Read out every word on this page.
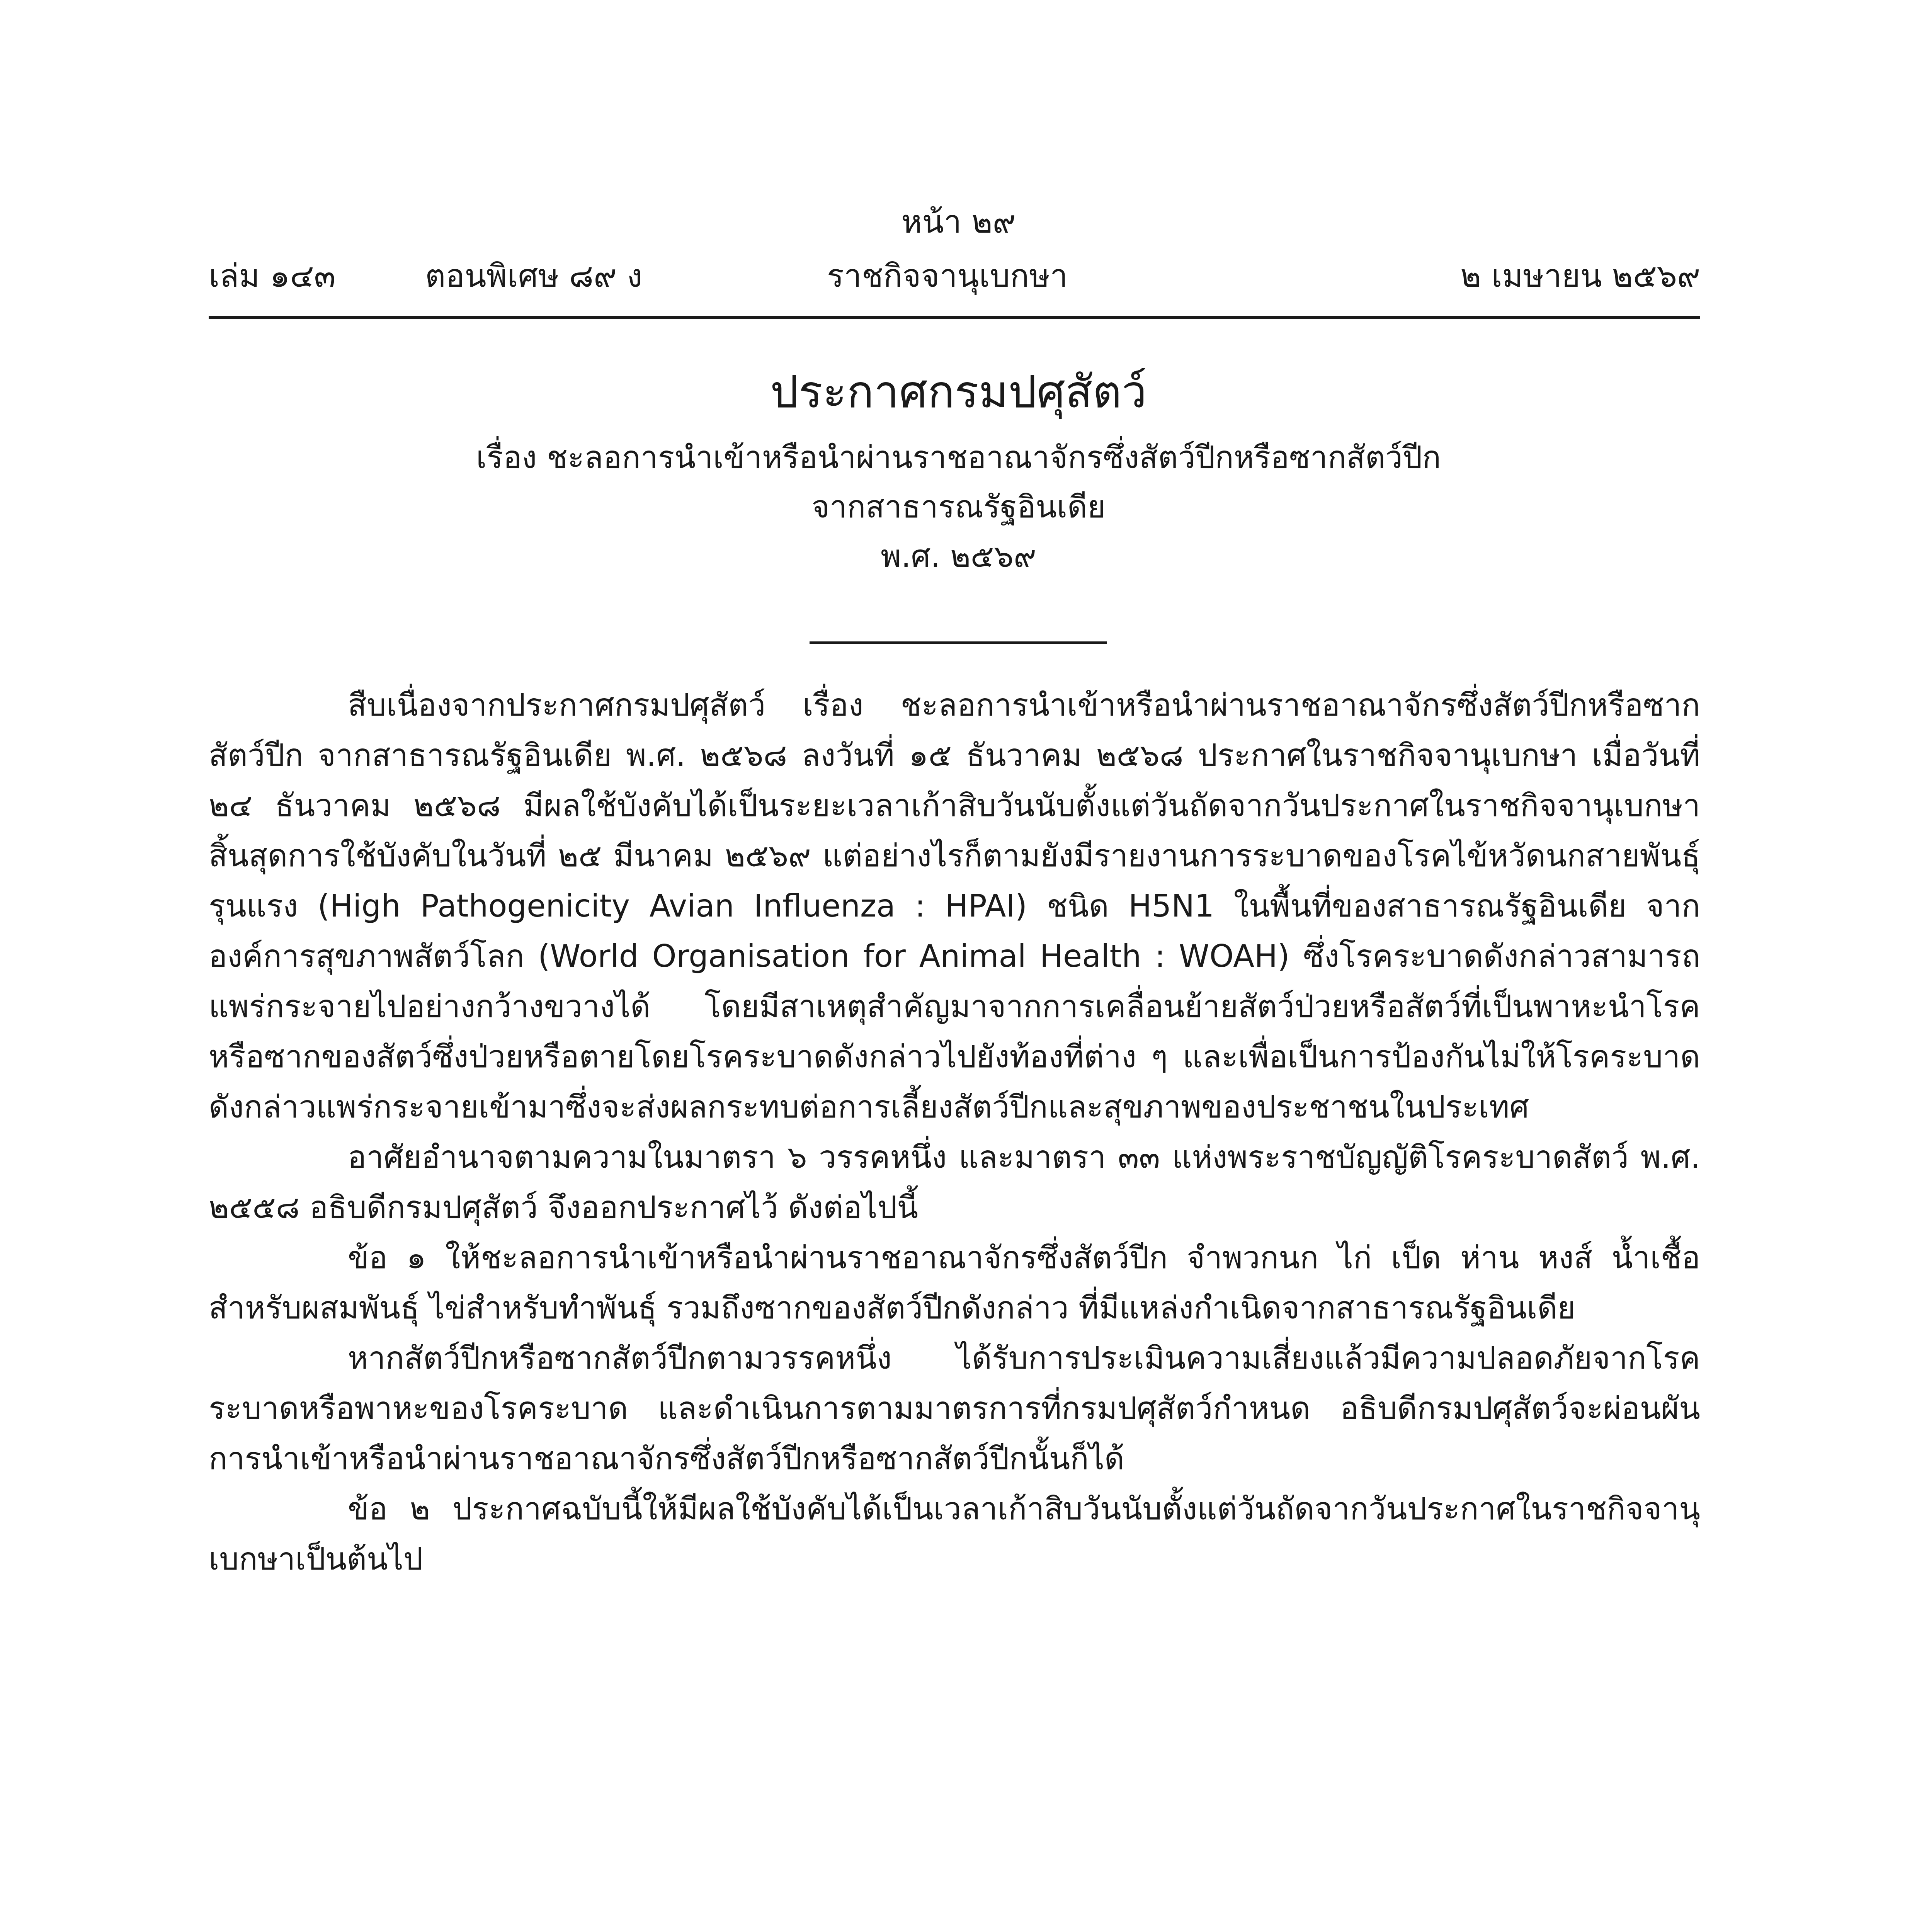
หน้า ๒๙
เล่ม ๑๔๓	ตอนพิเศษ ๘๙ ง	ราชกิจจานุเบกษา	๒ เมษายน ๒๕๖๙
ประกาศกรมปศุสัตว์
เรื่อง ชะลอการนำเข้าหรือนำผ่านราชอาณาจักรซึ่งสัตว์ปีกหรือซากสัตว์ปีก
จากสาธารณรัฐอินเดีย
พ.ศ. ๒๕๖๙

สืบเนื่องจากประกาศกรมปศุสัตว์ เรื่อง ชะลอการนำเข้าหรือนำผ่านราชอาณาจักรซึ่งสัตว์ปีกหรือซากสัตว์ปีก จากสาธารณรัฐอินเดีย พ.ศ. ๒๕๖๘ ลงวันที่ ๑๕ ธันวาคม ๒๕๖๘ ประกาศในราชกิจจานุเบกษา เมื่อวันที่ ๒๔ ธันวาคม ๒๕๖๘ มีผลใช้บังคับได้เป็นระยะเวลาเก้าสิบวันนับตั้งแต่วันถัดจากวันประกาศในราชกิจจานุเบกษา สิ้นสุดการใช้บังคับในวันที่ ๒๕ มีนาคม ๒๕๖๙ แต่อย่างไรก็ตามยังมีรายงานการระบาดของโรคไข้หวัดนกสายพันธุ์รุนแรง (High Pathogenicity Avian Influenza : HPAI) ชนิด H5N1 ในพื้นที่ของสาธารณรัฐอินเดีย จากองค์การสุขภาพสัตว์โลก (World Organisation for Animal Health : WOAH) ซึ่งโรคระบาดดังกล่าวสามารถแพร่กระจายไปอย่างกว้างขวางได้ โดยมีสาเหตุสำคัญมาจากการเคลื่อนย้ายสัตว์ป่วยหรือสัตว์ที่เป็นพาหะนำโรคหรือซากของสัตว์ซึ่งป่วยหรือตายโดยโรคระบาดดังกล่าวไปยังท้องที่ต่าง ๆ และเพื่อเป็นการป้องกันไม่ให้โรคระบาดดังกล่าวแพร่กระจายเข้ามาซึ่งจะส่งผลกระทบต่อการเลี้ยงสัตว์ปีกและสุขภาพของประชาชนในประเทศ

อาศัยอำนาจตามความในมาตรา ๖ วรรคหนึ่ง และมาตรา ๓๓ แห่งพระราชบัญญัติโรคระบาดสัตว์ พ.ศ. ๒๕๕๘ อธิบดีกรมปศุสัตว์ จึงออกประกาศไว้ ดังต่อไปนี้

ข้อ ๑ ให้ชะลอการนำเข้าหรือนำผ่านราชอาณาจักรซึ่งสัตว์ปีก จำพวกนก ไก่ เป็ด ห่าน หงส์ น้ำเชื้อสำหรับผสมพันธุ์ ไข่สำหรับทำพันธุ์ รวมถึงซากของสัตว์ปีกดังกล่าว ที่มีแหล่งกำเนิดจากสาธารณรัฐอินเดีย

หากสัตว์ปีกหรือซากสัตว์ปีกตามวรรคหนึ่ง ได้รับการประเมินความเสี่ยงแล้วมีความปลอดภัยจากโรคระบาดหรือพาหะของโรคระบาด และดำเนินการตามมาตรการที่กรมปศุสัตว์กำหนด อธิบดีกรมปศุสัตว์จะผ่อนผันการนำเข้าหรือนำผ่านราชอาณาจักรซึ่งสัตว์ปีกหรือซากสัตว์ปีกนั้นก็ได้

ข้อ ๒ ประกาศฉบับนี้ให้มีผลใช้บังคับได้เป็นเวลาเก้าสิบวันนับตั้งแต่วันถัดจากวันประกาศในราชกิจจานุเบกษาเป็นต้นไป
